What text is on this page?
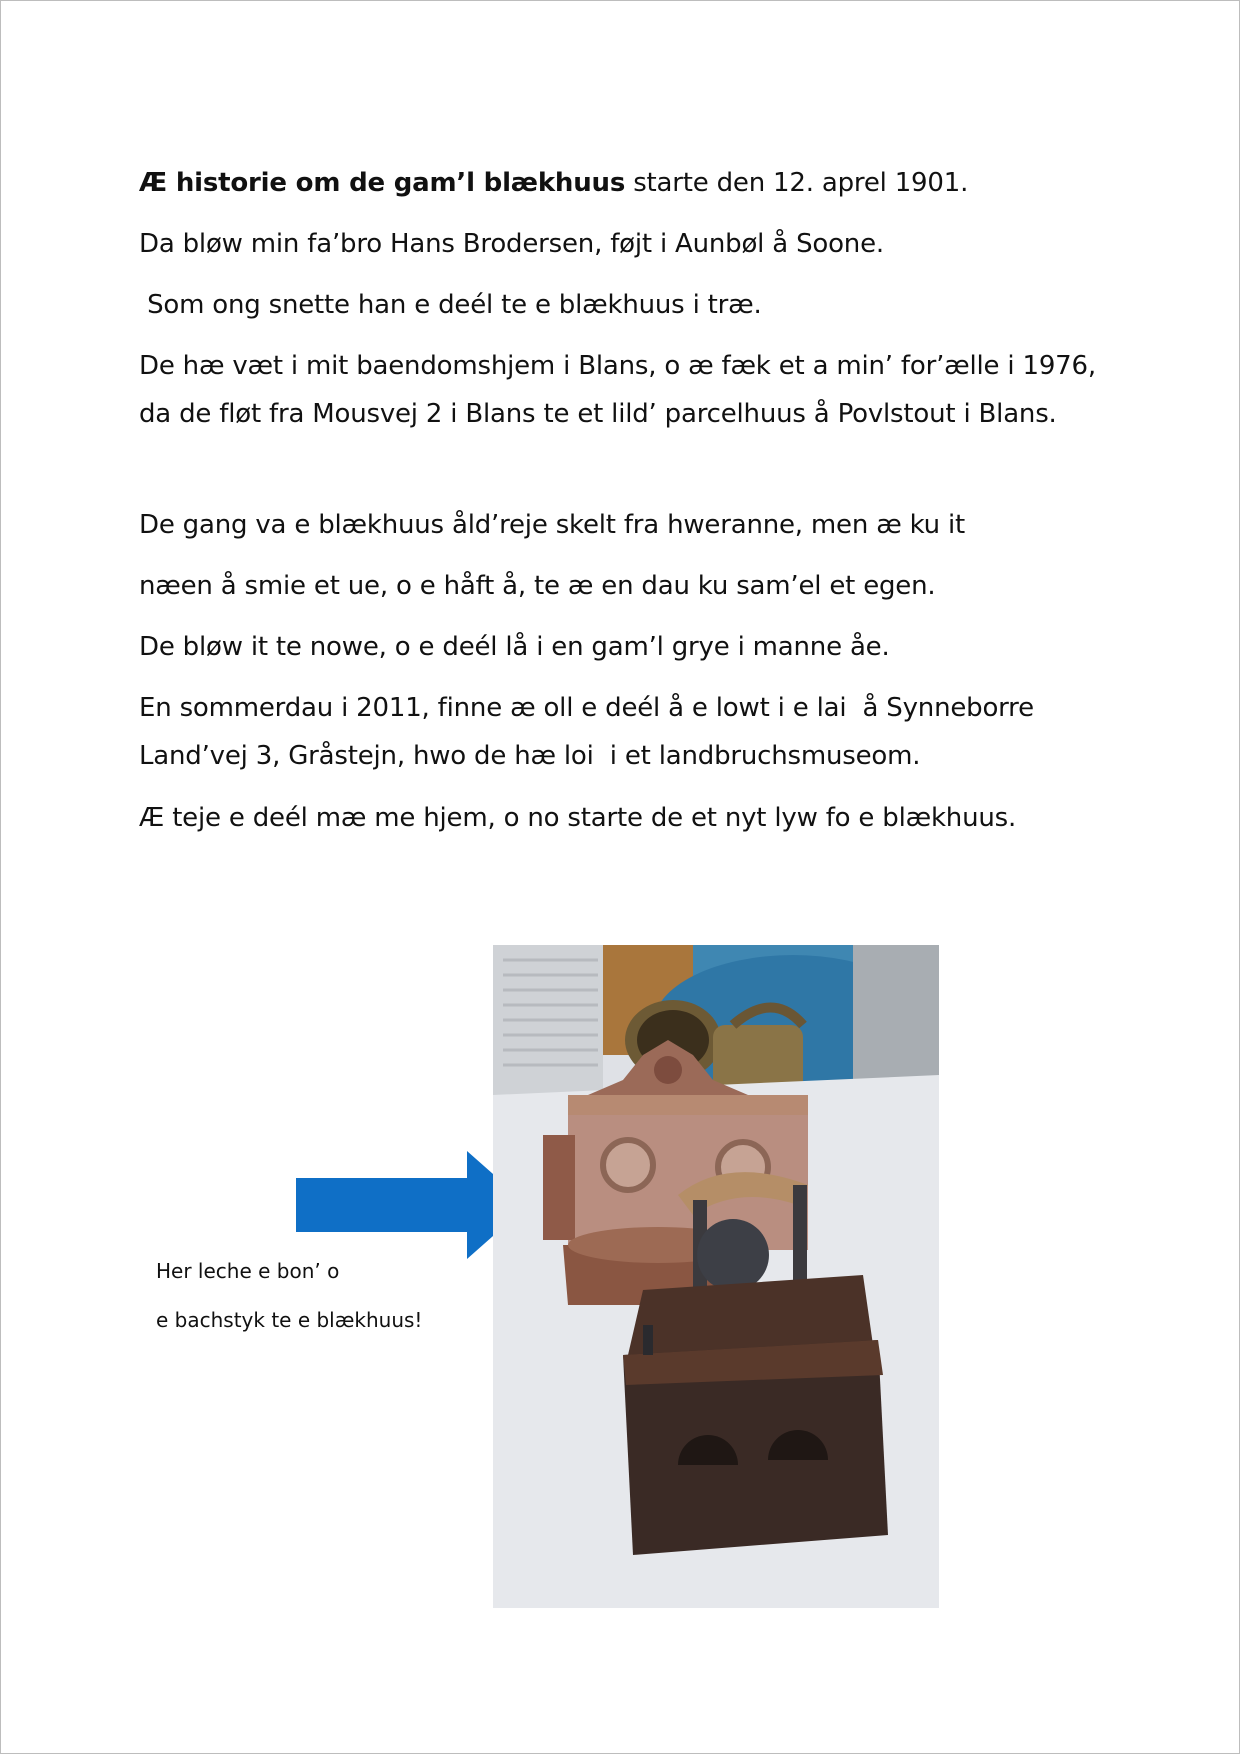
Æ historie om de gam’l blækhuus starte den 12. aprel 1901.
Da bløw min fa’bro Hans Brodersen, føjt i Aunbøl å Soone.
Som ong snette han e deél te e blækhuus i træ.
De hæ væt i mit baendomshjem i Blans, o æ fæk et a min’ for’ælle i 1976, da de fløt fra Mousvej 2 i Blans te et lild’ parcelhuus å Povlstout i Blans.
De gang va e blækhuus åld’reje skelt fra hweranne, men æ ku it
næen å smie et ue, o e håft å, te æ en dau ku sam’el et egen.
De bløw it te nowe, o e deél lå i en gam’l grye i manne åe.
En sommerdau i 2011, finne æ oll e deél å e lowt i e lai  å Synneborre Land’vej 3, Gråstejn, hwo de hæ loi  i et landbruchsmuseom.
Æ teje e deél mæ me hjem, o no starte de et nyt lyw fo e blækhuus.
Her leche e bon’ o
e bachstyk te e blækhuus!
